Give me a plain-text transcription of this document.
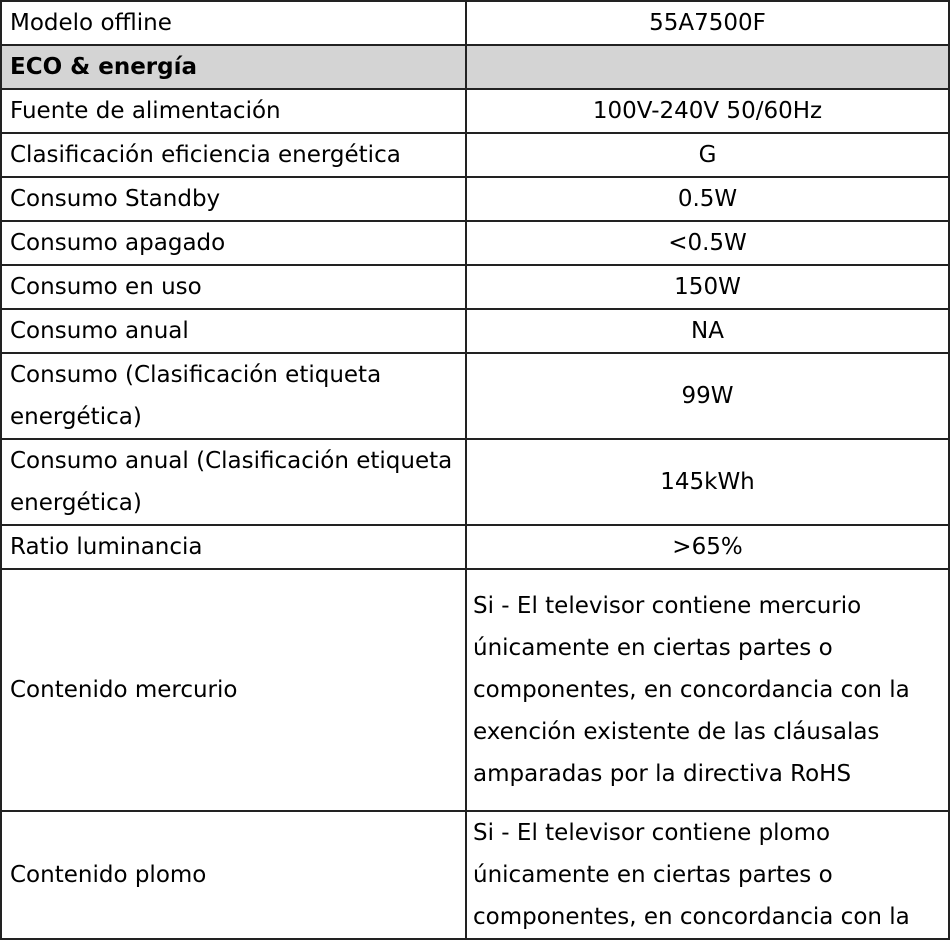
Modelo offline	55A7500F
ECO & energía	
Fuente de alimentación	100V-240V 50/60Hz
Clasificación eficiencia energética	G
Consumo Standby	0.5W
Consumo apagado	<0.5W
Consumo en uso	150W
Consumo anual	NA
Consumo (Clasificación etiqueta energética)	99W
Consumo anual (Clasificación etiqueta energética)	145kWh
Ratio luminancia	>65%
Contenido mercurio	Si - El televisor contiene mercurio únicamente en ciertas partes o componentes, en concordancia con la exención existente de las cláusalas amparadas por la directiva RoHS
Contenido plomo	Si - El televisor contiene plomo únicamente en ciertas partes o componentes, en concordancia con la
